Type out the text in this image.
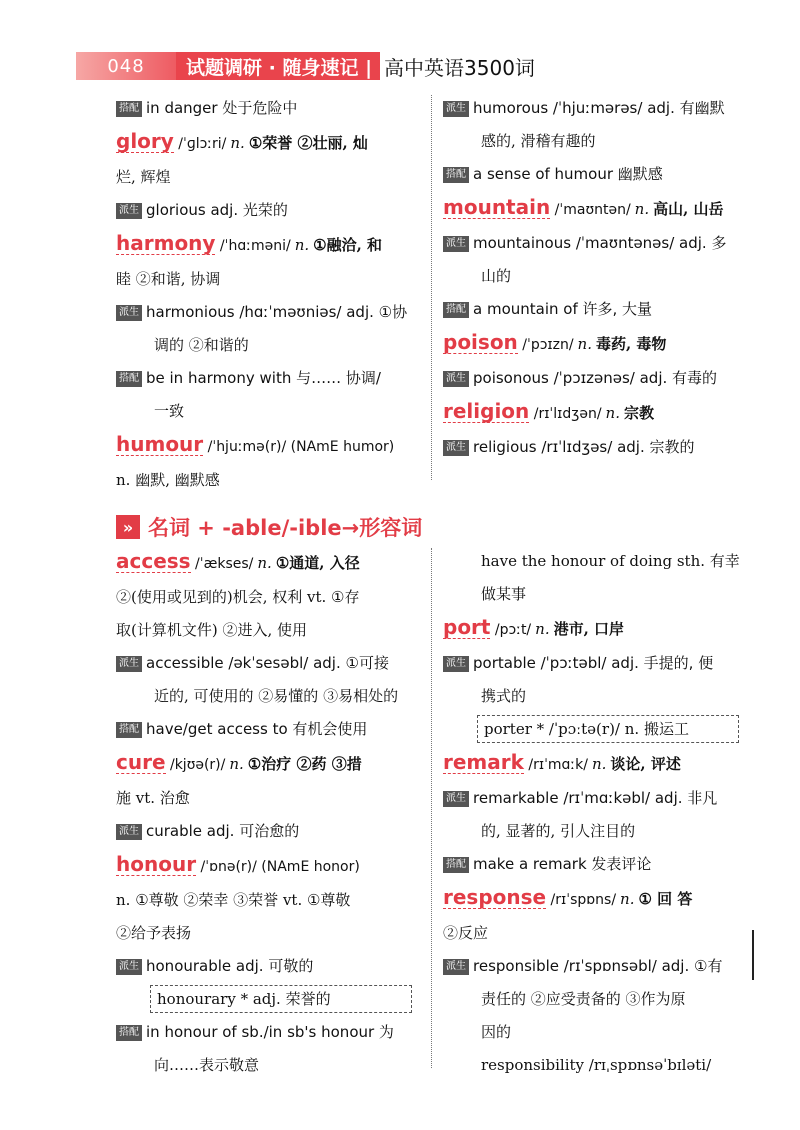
048	试题调研 · 随身速记 | 高中英语3500词
搭配 in danger 处于危险中
glory /ˈɡlɔːri/ n. ①荣誉 ②壮丽, 灿
烂, 辉煌
派生 glorious adj. 光荣的
harmony /ˈhɑːməni/ n. ①融洽, 和
睦 ②和谐, 协调
派生 harmonious /hɑːˈməʊniəs/ adj. ①协
调的 ②和谐的
搭配 be in harmony with 与…… 协调/
一致
humour /ˈhjuːmə(r)/ (NAmE humor)
n. 幽默, 幽默感
派生 humorous /ˈhjuːmərəs/ adj. 有幽默
感的, 滑稽有趣的
搭配 a sense of humour 幽默感
mountain /ˈmaʊntən/ n. 高山, 山岳
派生 mountainous /ˈmaʊntənəs/ adj. 多
山的
搭配 a mountain of 许多, 大量
poison /ˈpɔɪzn/ n. 毒药, 毒物
派生 poisonous /ˈpɔɪzənəs/ adj. 有毒的
religion /rɪˈlɪdʒən/ n. 宗教
派生 religious /rɪˈlɪdʒəs/ adj. 宗教的
» 名词 + -able/-ible→形容词
access /ˈækses/ n. ①通道, 入径
②(使用或见到的)机会, 权利 vt. ①存
取(计算机文件) ②进入, 使用
派生 accessible /əkˈsesəbl/ adj. ①可接
近的, 可使用的 ②易懂的 ③易相处的
搭配 have/get access to 有机会使用
cure /kjʊə(r)/ n. ①治疗 ②药 ③措
施 vt. 治愈
派生 curable adj. 可治愈的
honour /ˈɒnə(r)/ (NAmE honor)
n. ①尊敬 ②荣幸 ③荣誉 vt. ①尊敬
②给予表扬
派生 honourable adj. 可敬的
honourary * adj. 荣誉的
搭配 in honour of sb./in sb's honour 为
向……表示敬意
have the honour of doing sth. 有幸
做某事
port /pɔːt/ n. 港市, 口岸
派生 portable /ˈpɔːtəbl/ adj. 手提的, 便
携式的
porter * /ˈpɔːtə(r)/ n. 搬运工
remark /rɪˈmɑːk/ n. 谈论, 评述
派生 remarkable /rɪˈmɑːkəbl/ adj. 非凡
的, 显著的, 引人注目的
搭配 make a remark 发表评论
response /rɪˈspɒns/ n. ① 回 答
②反应
派生 responsible /rɪˈspɒnsəbl/ adj. ①有
责任的 ②应受责备的 ③作为原
因的
responsibility /rɪˌspɒnsəˈbɪləti/
